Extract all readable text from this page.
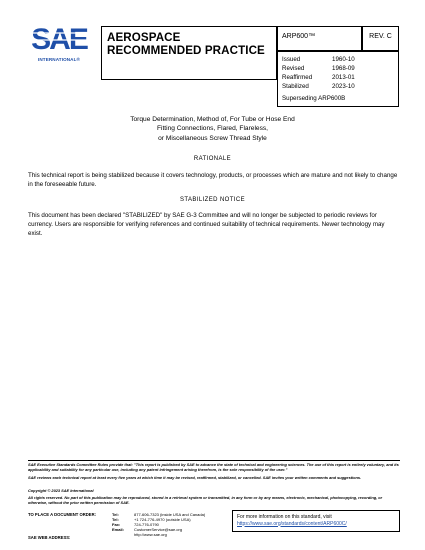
SAE
INTERNATIONAL®
AEROSPACE
RECOMMENDED PRACTICE
ARP600™	REV. C
Issued	1960-10
Revised	1968-09
Reaffirmed	2013-01
Stabilized	2023-10
Superseding ARP600B
Torque Determination, Method of, For Tube or Hose End
Fitting Connections, Flared, Flareless,
or Miscellaneous Screw Thread Style
RATIONALE
This technical report is being stabilized because it covers technology, products, or processes which are mature and not likely to change in the foreseeable future.
STABILIZED NOTICE
This document has been declared "STABILIZED" by SAE G-3 Committee and will no longer be subjected to periodic reviews for currency. Users are responsible for verifying references and continued suitability of technical requirements. Newer technology may exist.
SAE Executive Standards Committee Rules provide that: "This report is published by SAE to advance the state of technical and engineering sciences. The use of this report is entirely voluntary, and its applicability and suitability for any particular use, including any patent infringement arising therefrom, is the sole responsibility of the user."
SAE reviews each technical report at least every five years at which time it may be revised, reaffirmed, stabilized, or cancelled. SAE invites your written comments and suggestions.
Copyright © 2023 SAE International
All rights reserved. No part of this publication may be reproduced, stored in a retrieval system or transmitted, in any form or by any means, electronic, mechanical, photocopying, recording, or otherwise, without the prior written permission of SAE.
TO PLACE A DOCUMENT ORDER:	Tel:	877-606-7323 (inside USA and Canada)
Tel:	+1 724-776-4970 (outside USA)
Fax:	724-776-0790
Email:	CustomerService@sae.org
http://www.sae.org
SAE WEB ADDRESS:
For more information on this standard, visit
https://www.sae.org/standards/content/ARP600C/
